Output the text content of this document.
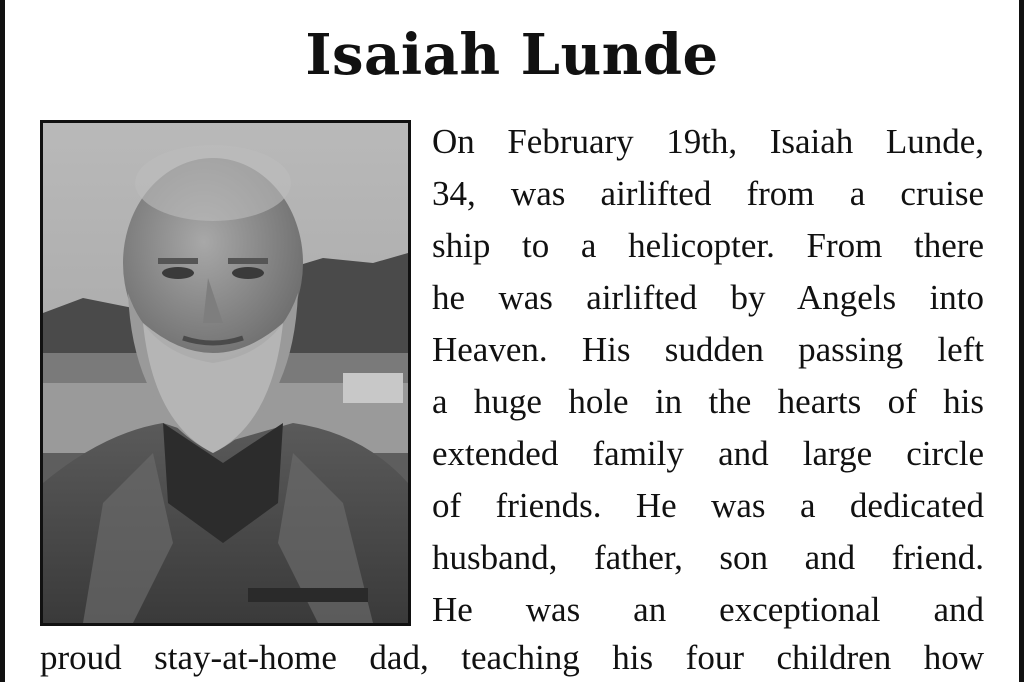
Isaiah Lunde
On February 19th, Isaiah Lunde,
34, was airlifted from a cruise
ship to a helicopter. From there
he was airlifted by Angels into
Heaven. His sudden passing left
a huge hole in the hearts of his
extended family and large circle
of friends. He was a dedicated
husband, father, son and friend.
He was an exceptional and
proud stay-at-home dad, teaching his four children how
